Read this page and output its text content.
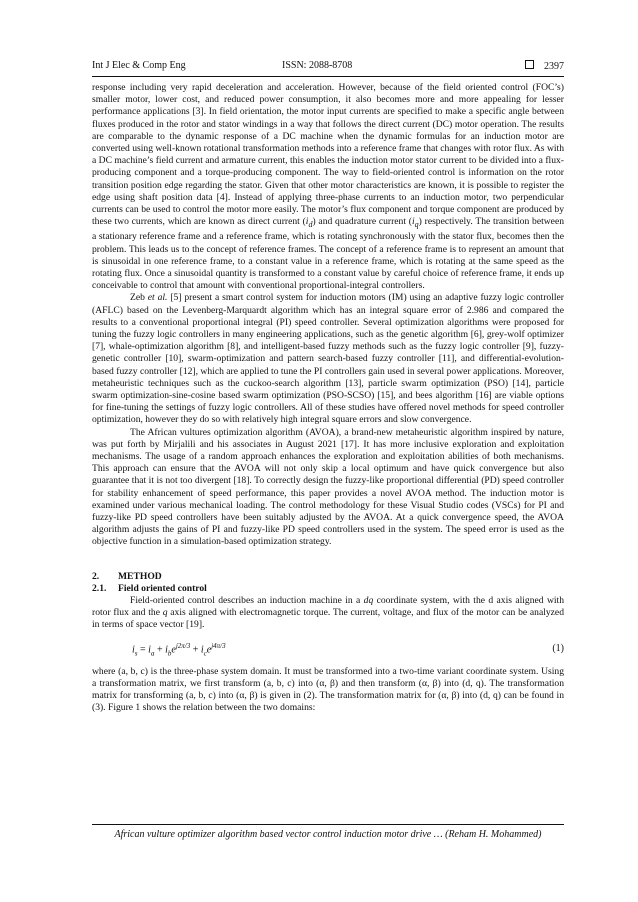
Int J Elec & Comp Eng	ISSN: 2088-8708	2397

response including very rapid deceleration and acceleration. However, because of the field oriented control (FOC’s) smaller motor, lower cost, and reduced power consumption, it also becomes more and more appealing for lesser performance applications [3]. In field orientation, the motor input currents are specified to make a specific angle between fluxes produced in the rotor and stator windings in a way that follows the direct current (DC) motor operation. The results are comparable to the dynamic response of a DC machine when the dynamic formulas for an induction motor are converted using well-known rotational transformation methods into a reference frame that changes with rotor flux. As with a DC machine’s field current and armature current, this enables the induction motor stator current to be divided into a flux-producing component and a torque-producing component. The way to field-oriented control is information on the rotor transition position edge regarding the stator. Given that other motor characteristics are known, it is possible to register the edge using shaft position data [4]. Instead of applying three-phase currents to an induction motor, two perpendicular currents can be used to control the motor more easily. The motor’s flux component and torque component are produced by these two currents, which are known as direct current $(i_d)$ and quadrature current $(i_q)$ respectively. The transition between a stationary reference frame and a reference frame, which is rotating synchronously with the stator flux, becomes then the problem. This leads us to the concept of reference frames. The concept of a reference frame is to represent an amount that is sinusoidal in one reference frame, to a constant value in a reference frame, which is rotating at the same speed as the rotating flux. Once a sinusoidal quantity is transformed to a constant value by careful choice of reference frame, it ends up conceivable to control that amount with conventional proportional-integral controllers.

Zeb et al. [5] present a smart control system for induction motors (IM) using an adaptive fuzzy logic controller (AFLC) based on the Levenberg-Marquardt algorithm which has an integral square error of 2.986 and compared the results to a conventional proportional integral (PI) speed controller. Several optimization algorithms were proposed for tuning the fuzzy logic controllers in many engineering applications, such as the genetic algorithm [6], grey-wolf optimizer [7], whale-optimization algorithm [8], and intelligent-based fuzzy methods such as the fuzzy logic controller [9], fuzzy-genetic controller [10], swarm-optimization and pattern search-based fuzzy controller [11], and differential-evolution-based fuzzy controller [12], which are applied to tune the PI controllers gain used in several power applications. Moreover, metaheuristic techniques such as the cuckoo-search algorithm [13], particle swarm optimization (PSO) [14], particle swarm optimization-sine-cosine based swarm optimization (PSO-SCSO) [15], and bees algorithm [16] are viable options for fine-tuning the settings of fuzzy logic controllers. All of these studies have offered novel methods for speed controller optimization, however they do so with relatively high integral square errors and slow convergence.

The African vultures optimization algorithm (AVOA), a brand-new metaheuristic algorithm inspired by nature, was put forth by Mirjalili and his associates in August 2021 [17]. It has more inclusive exploration and exploitation mechanisms. The usage of a random approach enhances the exploration and exploitation abilities of both mechanisms. This approach can ensure that the AVOA will not only skip a local optimum and have quick convergence but also guarantee that it is not too divergent [18]. To correctly design the fuzzy-like proportional differential (PD) speed controller for stability enhancement of speed performance, this paper provides a novel AVOA method. The induction motor is examined under various mechanical loading. The control methodology for these Visual Studio codes (VSCs) for PI and fuzzy-like PD speed controllers have been suitably adjusted by the AVOA. At a quick convergence speed, the AVOA algorithm adjusts the gains of PI and fuzzy-like PD speed controllers used in the system. The speed error is used as the objective function in a simulation-based optimization strategy.

2. METHOD

2.1. Field oriented control

Field-oriented control describes an induction machine in a dq coordinate system, with the d axis aligned with rotor flux and the q axis aligned with electromagnetic torque. The current, voltage, and flux of the motor can be analyzed in terms of space vector [19].

$i_s = i_a + i_be^{j2\pi/3} + i_ce^{j4\pi/3}$	(1)

where (a, b, c) is the three-phase system domain. It must be transformed into a two-time variant coordinate system. Using a transformation matrix, we first transform (a, b, c) into (α, β) and then transform (α, β) into (d, q). The transformation matrix for transforming (a, b, c) into (α, β) is given in (2). The transformation matrix for (α, β) into (d, q) can be found in (3). Figure 1 shows the relation between the two domains:

African vulture optimizer algorithm based vector control induction motor drive … (Reham H. Mohammed)
